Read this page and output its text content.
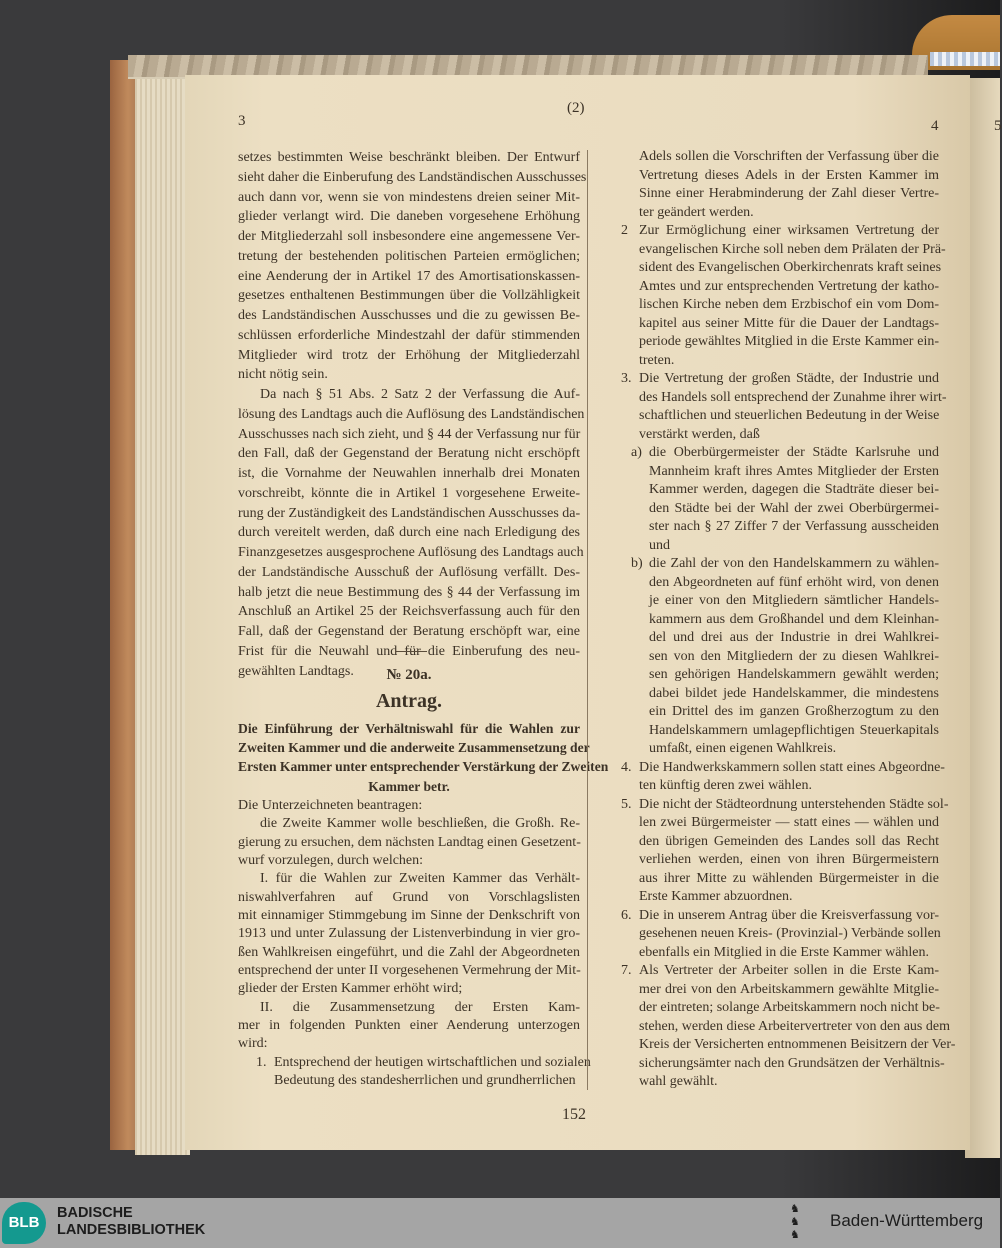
(2)
3	4	5
setzes bestimmten Weise beschränkt bleiben. Der Entwurf
sieht daher die Einberufung des Landständischen Ausschusses
auch dann vor, wenn sie von mindestens dreien seiner Mit-
glieder verlangt wird. Die daneben vorgesehene Erhöhung
der Mitgliederzahl soll insbesondere eine angemessene Ver-
tretung der bestehenden politischen Parteien ermöglichen;
eine Aenderung der in Artikel 17 des Amortisationskassen-
gesetzes enthaltenen Bestimmungen über die Vollzähligkeit
des Landständischen Ausschusses und die zu gewissen Be-
schlüssen erforderliche Mindestzahl der dafür stimmenden
Mitglieder wird trotz der Erhöhung der Mitgliederzahl
nicht nötig sein.
Da nach § 51 Abs. 2 Satz 2 der Verfassung die Auf-
lösung des Landtags auch die Auflösung des Landständischen
Ausschusses nach sich zieht, und § 44 der Verfassung nur für
den Fall, daß der Gegenstand der Beratung nicht erschöpft
ist, die Vornahme der Neuwahlen innerhalb drei Monaten
vorschreibt, könnte die in Artikel 1 vorgesehene Erweite-
rung der Zuständigkeit des Landständischen Ausschusses da-
durch vereitelt werden, daß durch eine nach Erledigung des
Finanzgesetzes ausgesprochene Auflösung des Landtags auch
der Landständische Ausschuß der Auflösung verfällt. Des-
halb jetzt die neue Bestimmung des § 44 der Verfassung im
Anschluß an Artikel 25 der Reichsverfassung auch für den
Fall, daß der Gegenstand der Beratung erschöpft war, eine
Frist für die Neuwahl und für die Einberufung des neu-
gewählten Landtags.	№ 20a.
Antrag.
Die Einführung der Verhältniswahl für die Wahlen zur
Zweiten Kammer und die anderweite Zusammensetzung der
Ersten Kammer unter entsprechender Verstärkung der Zweiten
Kammer betr.
Die Unterzeichneten beantragen:
die Zweite Kammer wolle beschließen, die Großh. Re-
gierung zu ersuchen, dem nächsten Landtag einen Gesetzent-
wurf vorzulegen, durch welchen:
I. für die Wahlen zur Zweiten Kammer das Verhält-
niswahlverfahren auf Grund von Vorschlagslisten
mit einnamiger Stimmgebung im Sinne der Denkschrift von
1913 und unter Zulassung der Listenverbindung in vier gro-
ßen Wahlkreisen eingeführt, und die Zahl der Abgeordneten
entsprechend der unter II vorgesehenen Vermehrung der Mit-
glieder der Ersten Kammer erhöht wird;
II. die Zusammensetzung der Ersten Kam-
mer in folgenden Punkten einer Aenderung unterzogen
wird:
1. Entsprechend der heutigen wirtschaftlichen und sozialen
Bedeutung des standesherrlichen und grundherrlichen
Adels sollen die Vorschriften der Verfassung über die
Vertretung dieses Adels in der Ersten Kammer im
Sinne einer Herabminderung der Zahl dieser Vertre-
ter geändert werden.
2 Zur Ermöglichung einer wirksamen Vertretung der
evangelischen Kirche soll neben dem Prälaten der Prä-
sident des Evangelischen Oberkirchenrats kraft seines
Amtes und zur entsprechenden Vertretung der katho-
lischen Kirche neben dem Erzbischof ein vom Dom-
kapitel aus seiner Mitte für die Dauer der Landtags-
periode gewähltes Mitglied in die Erste Kammer ein-
treten.
3. Die Vertretung der großen Städte, der Industrie und
des Handels soll entsprechend der Zunahme ihrer wirt-
schaftlichen und steuerlichen Bedeutung in der Weise
verstärkt werden, daß
a) die Oberbürgermeister der Städte Karlsruhe und
Mannheim kraft ihres Amtes Mitglieder der Ersten
Kammer werden, dagegen die Stadträte dieser bei-
den Städte bei der Wahl der zwei Oberbürgermei-
ster nach § 27 Ziffer 7 der Verfassung ausscheiden
und
b) die Zahl der von den Handelskammern zu wählen-
den Abgeordneten auf fünf erhöht wird, von denen
je einer von den Mitgliedern sämtlicher Handels-
kammern aus dem Großhandel und dem Kleinhan-
del und drei aus der Industrie in drei Wahlkrei-
sen von den Mitgliedern der zu diesen Wahlkrei-
sen gehörigen Handelskammern gewählt werden;
dabei bildet jede Handelskammer, die mindestens
ein Drittel des im ganzen Großherzogtum zu den
Handelskammern umlagepflichtigen Steuerkapitals
umfaßt, einen eigenen Wahlkreis.
4. Die Handwerkskammern sollen statt eines Abgeordne-
ten künftig deren zwei wählen.
5. Die nicht der Städteordnung unterstehenden Städte sol-
len zwei Bürgermeister — statt eines — wählen und
den übrigen Gemeinden des Landes soll das Recht
verliehen werden, einen von ihren Bürgermeistern
aus ihrer Mitte zu wählenden Bürgermeister in die
Erste Kammer abzuordnen.
6. Die in unserem Antrag über die Kreisverfassung vor-
gesehenen neuen Kreis- (Provinzial-) Verbände sollen
ebenfalls ein Mitglied in die Erste Kammer wählen.
7. Als Vertreter der Arbeiter sollen in die Erste Kam-
mer drei von den Arbeitskammern gewählte Mitglie-
der eintreten; solange Arbeitskammern noch nicht be-
stehen, werden diese Arbeitervertreter von den aus dem
Kreis der Versicherten entnommenen Beisitzern der Ver-
sicherungsämter nach den Grundsätzen der Verhältnis-
wahl gewählt.
152
BLB
BADISCHE
LANDESBIBLIOTHEK
♞
♞
♞
Baden-Württemberg
